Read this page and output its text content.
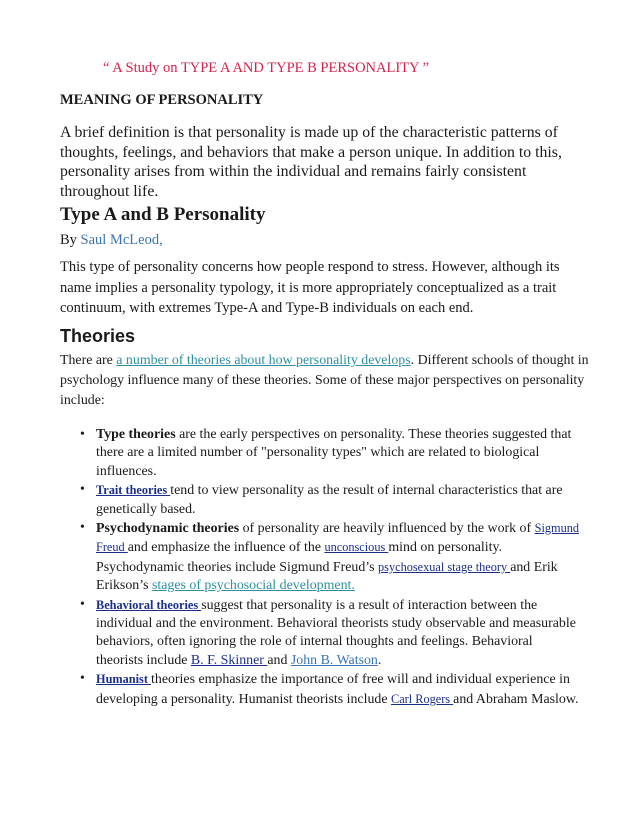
“ A Study on TYPE A AND TYPE B PERSONALITY ”
MEANING OF PERSONALITY
A brief definition is that personality is made up of the characteristic patterns of thoughts, feelings, and behaviors that make a person unique. In addition to this, personality arises from within the individual and remains fairly consistent throughout life.
Type A and B Personality
By Saul McLeod,
This type of personality concerns how people respond to stress. However, although its name implies a personality typology, it is more appropriately conceptualized as a trait continuum, with extremes Type-A and Type-B individuals on each end.
Theories
There are a number of theories about how personality develops. Different schools of thought in psychology influence many of these theories. Some of these major perspectives on personality include:
• Type theories are the early perspectives on personality. These theories suggested that there are a limited number of "personality types" which are related to biological influences.
• Trait theories tend to view personality as the result of internal characteristics that are genetically based.
• Psychodynamic theories of personality are heavily influenced by the work of Sigmund Freud and emphasize the influence of the unconscious mind on personality. Psychodynamic theories include Sigmund Freud’s psychosexual stage theory and Erik Erikson’s stages of psychosocial development.
• Behavioral theories suggest that personality is a result of interaction between the individual and the environment. Behavioral theorists study observable and measurable behaviors, often ignoring the role of internal thoughts and feelings. Behavioral theorists include B. F. Skinner and John B. Watson.
• Humanist theories emphasize the importance of free will and individual experience in developing a personality. Humanist theorists include Carl Rogers and Abraham Maslow.
